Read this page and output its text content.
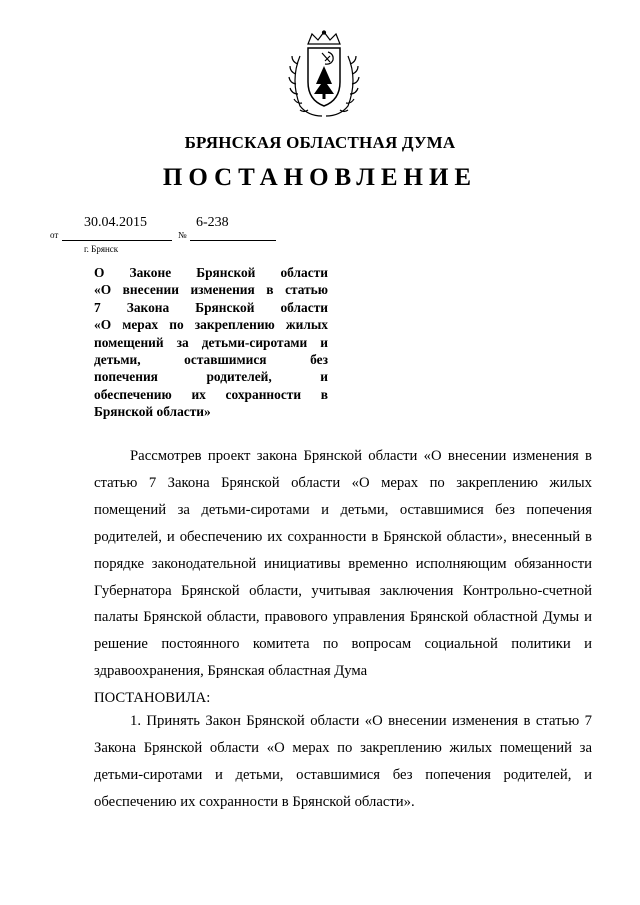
БРЯНСКАЯ ОБЛАСТНАЯ ДУМА
ПОСТАНОВЛЕНИЕ
от
30.04.2015
№
6-238
г. Брянск

О Законе Брянской области

«О внесении изменения в статью

7 Закона Брянской области

«О мерах по закреплению жилых

помещений за детьми-сиротами и

детьми, оставшимися без

попечения родителей, и

обеспечению их сохранности в

Брянской области»

Рассмотрев проект закона Брянской области «О внесении изменения в

статью 7 Закона Брянской области «О мерах по закреплению жилых

помещений за детьми-сиротами и детьми, оставшимися без попечения

родителей, и обеспечению их сохранности в Брянской области», внесенный в

порядке законодательной инициативы временно исполняющим обязанности

Губернатора Брянской области, учитывая заключения Контрольно-счетной

палаты Брянской области, правового управления Брянской областной Думы и

решение постоянного комитета по вопросам социальной политики и

здравоохранения, Брянская областная Дума

ПОСТАНОВИЛА:

1. Принять Закон Брянской области «О внесении изменения в статью 7

Закона Брянской области «О мерах по закреплению жилых помещений за

детьми-сиротами и детьми, оставшимися без попечения родителей, и

обеспечению их сохранности в Брянской области».
